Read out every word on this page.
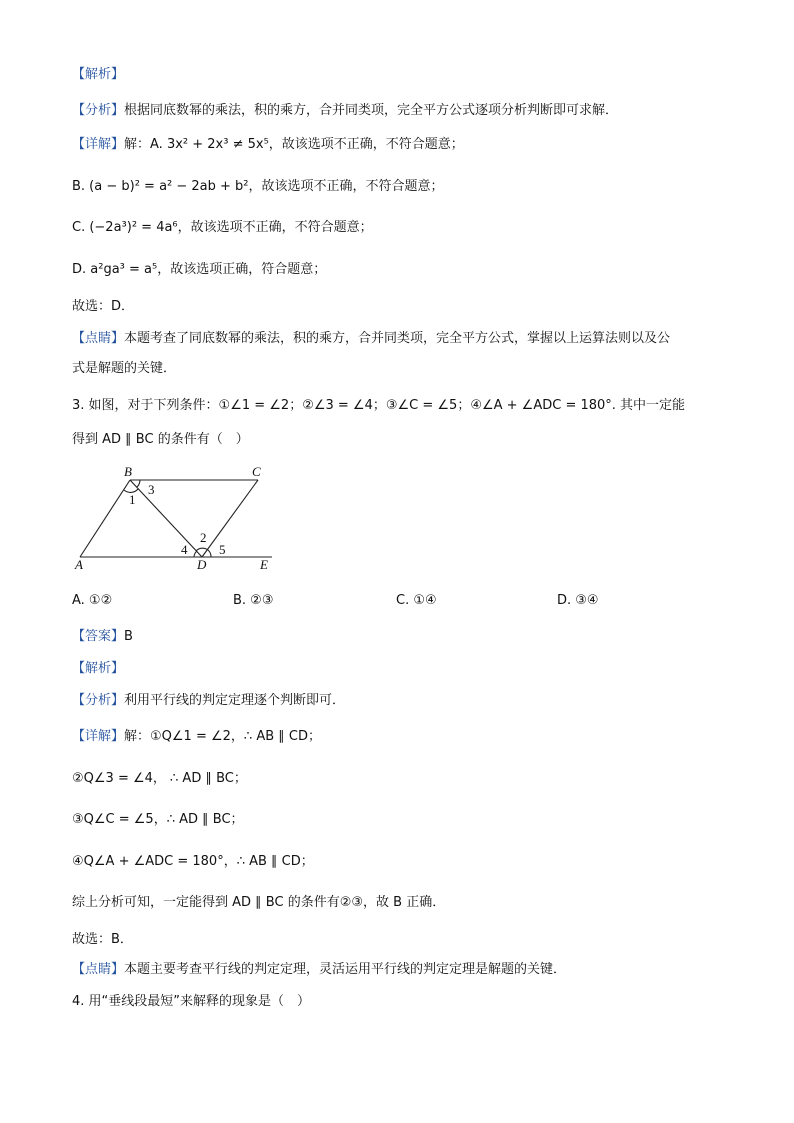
【解析】
【分析】根据同底数幂的乘法，积的乘方，合并同类项，完全平方公式逐项分析判断即可求解．
【详解】解：A. 3x² + 2x³ ≠ 5x⁵，故该选项不正确，不符合题意；
B. (a − b)² = a² − 2ab + b²，故该选项不正确，不符合题意；
C. (−2a³)² = 4a⁶，故该选项不正确，不符合题意；
D. a²ga³ = a⁵，故该选项正确，符合题意；
故选：D．
【点睛】本题考查了同底数幂的乘法，积的乘方，合并同类项，完全平方公式，掌握以上运算法则以及公
式是解题的关键．
3. 如图，对于下列条件：①∠1 = ∠2；②∠3 = ∠4；③∠C = ∠5；④∠A + ∠ADC = 180°. 其中一定能
得到 AD ∥ BC 的条件有（　）
B	C
A	D	E
1
3
2
4 5
A. ①②	B. ②③	C. ①④	D. ③④
【答案】B
【解析】
【分析】利用平行线的判定定理逐个判断即可．
【详解】解：①Q∠1 = ∠2，∴ AB ∥ CD；
②Q∠3 = ∠4， ∴ AD ∥ BC；
③Q∠C = ∠5，∴ AD ∥ BC；
④Q∠A + ∠ADC = 180°，∴ AB ∥ CD；
综上分析可知，一定能得到 AD ∥ BC 的条件有②③，故 B 正确．
故选：B．
【点睛】本题主要考查平行线的判定定理，灵活运用平行线的判定定理是解题的关键．
4. 用“垂线段最短”来解释的现象是（　）
